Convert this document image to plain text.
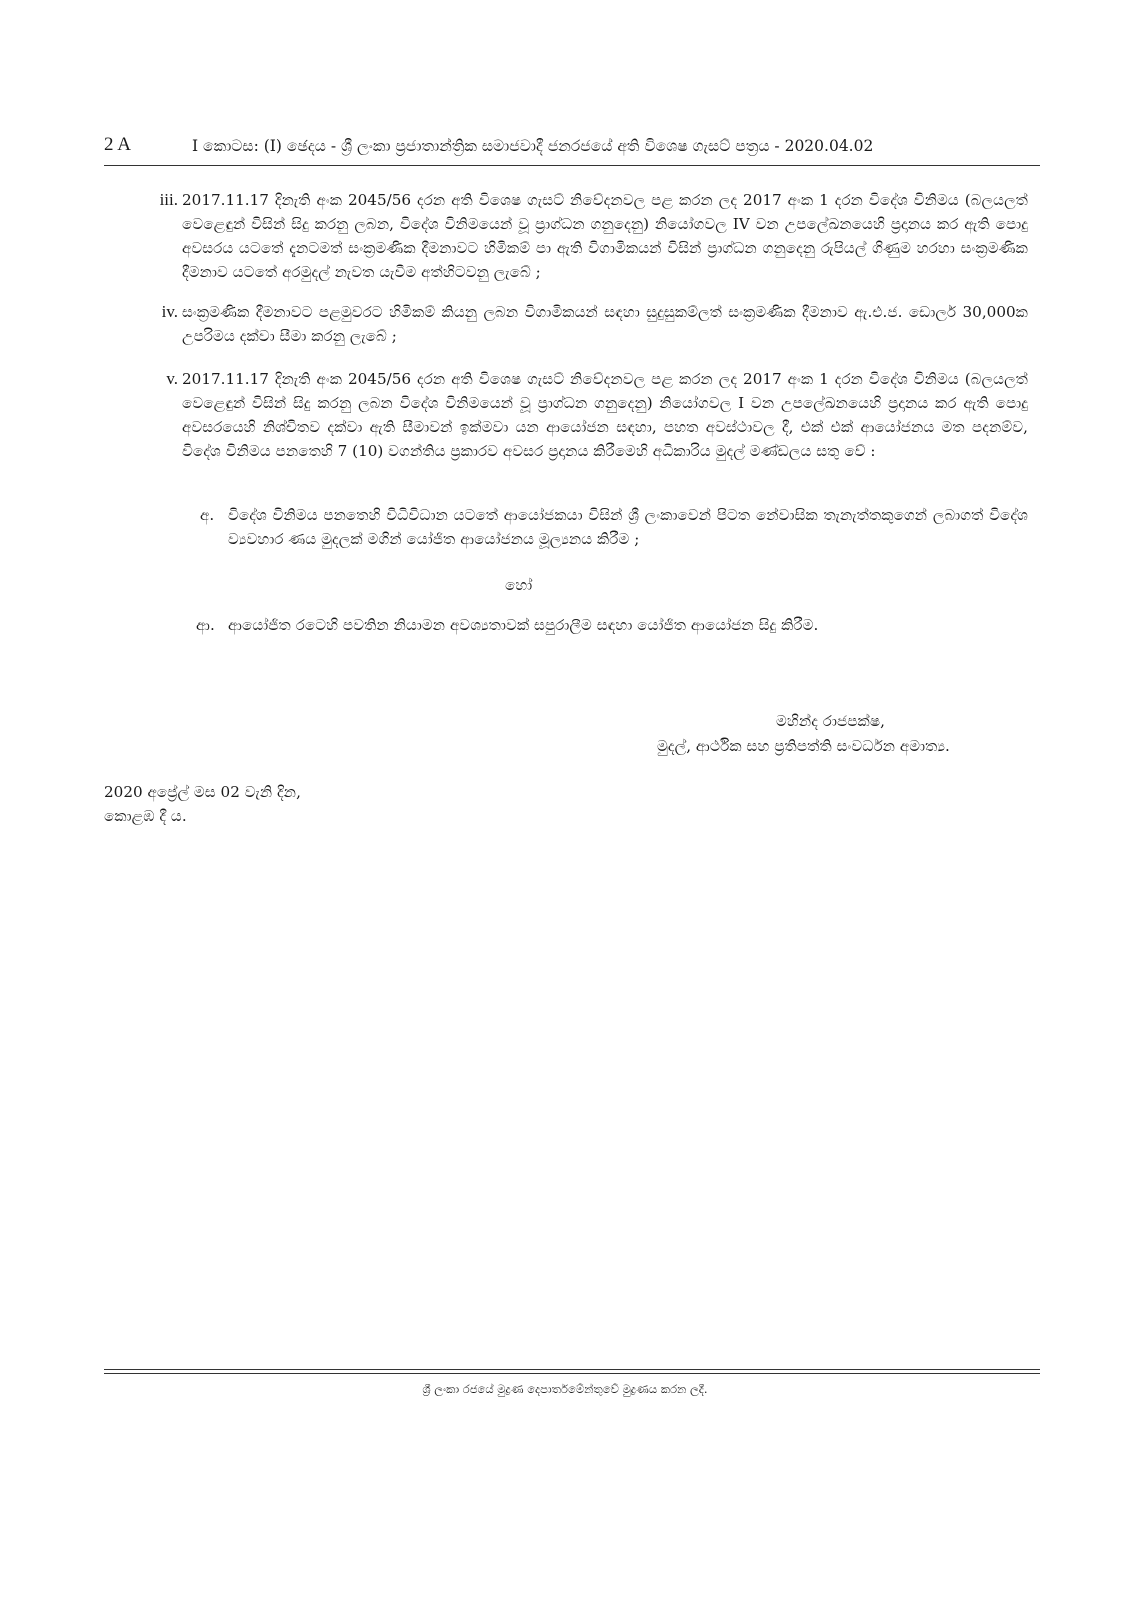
2 A	I කොටස: (I) ඡෙදය - ශ්‍රී ලංකා ප්‍රජාතාන්ත්‍රික සමාජවාදී ජනරජයේ අති විශෙෂ ගැසට් පත්‍රය - 2020.04.02
iii. 2017.11.17 දිනැති අංක 2045/56 දරන අති විශෙෂ ගැසට් නිවේදනවල පළ කරන ලද 2017 අංක 1 දරන විදේශ විනිමය (බලයලත් වෙළෙඳුන් විසින් සිදු කරනු ලබන, විදේශ විනිමයෙන් වූ ප්‍රාග්ධන ගනුදෙනු) නියෝගවල IV වන උපලේඛනයෙහි ප්‍රදානය කර ඇති පොදු අවසරය යටතේ දැනටමත් සංක්‍රමණික දීමනාවට හිමිකම් පා ඇති විගාමිකයන් විසින් ප්‍රාග්ධන ගනුදෙනු රුපියල් ගිණුම හරහා සංක්‍රමණික දීමනාව යටතේ අරමුදල් නැවත යැවීම අත්හිටවනු ලැබේ ;
iv. සංක්‍රමණික දීමනාවට පළමුවරට හිමිකම් කියනු ලබන විගාමිකයන් සඳහා සුදුසුකම්ලත් සංක්‍රමණික දීමනාව ඇ.එ.ජ. ඩොලර් 30,000ක උපරිමය දක්වා සීමා කරනු ලැබේ ;
v. 2017.11.17 දිනැති අංක 2045/56 දරන අති විශෙෂ ගැසට් නිවේදනවල පළ කරන ලද 2017 අංක 1 දරන විදේශ විනිමය (බලයලත් වෙළෙඳුන් විසින් සිදු කරනු ලබන විදේශ විනිමයෙන් වූ ප්‍රාග්ධන ගනුදෙනු) නියෝගවල I වන උපලේඛනයෙහි ප්‍රදානය කර ඇති පොදු අවසරයෙහි නිශ්චිතව දක්වා ඇති සීමාවන් ඉක්මවා යන ආයෝජන සඳහා, පහත අවස්ථාවල දී, එක් එක් ආයෝජනය මත පදනම්ව, විදේශ විනිමය පනතෙහි 7 (10) වගන්තිය ප්‍රකාරව අවසර ප්‍රදානය කිරීමෙහි අධිකාරිය මුදල් මණ්ඩලය සතු වේ :
අ. විදේශ විනිමය පනතෙහි විධිවිධාන යටතේ ආයෝජකයා විසින් ශ්‍රී ලංකාවෙන් පිටත නේවාසික තැනැත්තකුගෙන් ලබාගත් විදේශ ව්‍යවහාර ණය මුදලක් මගින් යෝජිත ආයෝජනය මූල්‍යනය කිරීම ;
හෝ
ආ. ආයෝජිත රටෙහි පවතින නියාමන අවශ්‍යතාවක් සපුරාලීම සඳහා යෝජිත ආයෝජන සිදු කිරීම.
මහින්ද රාජපක්ෂ,
මුදල්, ආර්ථික සහ ප්‍රතිපත්ති සංවර්ධන අමාත්‍ය.
2020 අප්‍රේල් මස 02 වැනි දින,
කොළඹ දී ය.
ශ්‍රී ලංකා රජයේ මුද්‍රණ දෙපාර්තමේන්තුවේ මුද්‍රණය කරන ලදී.
